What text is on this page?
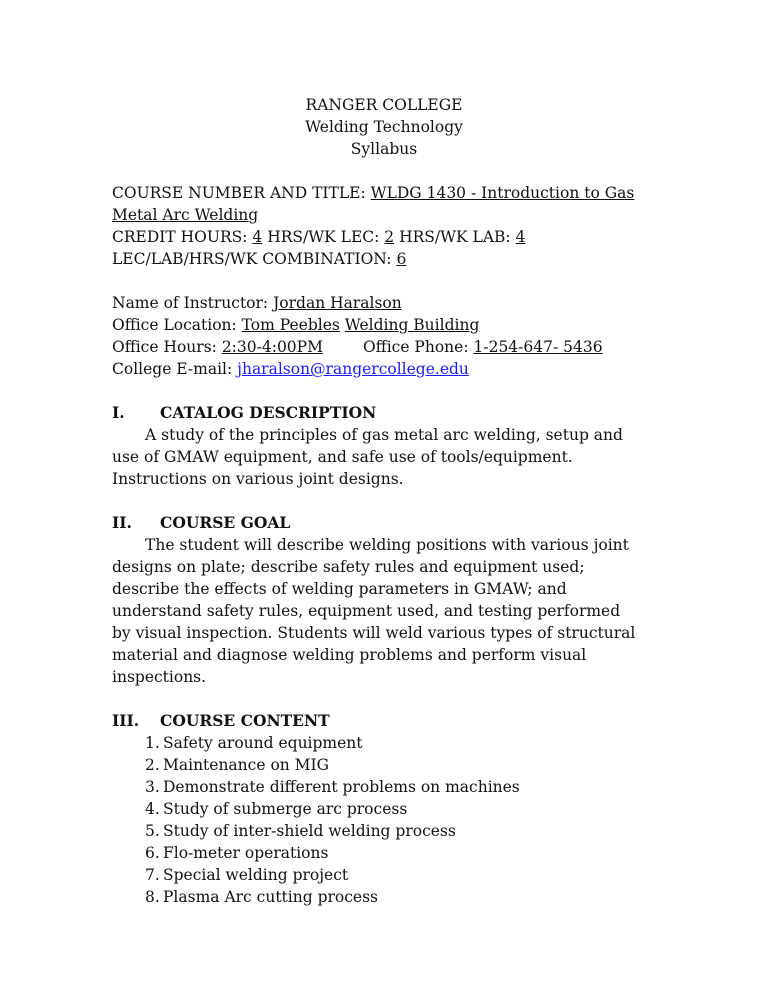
RANGER COLLEGE
Welding Technology
Syllabus
COURSE NUMBER AND TITLE: WLDG 1430 - Introduction to Gas Metal Arc Welding
CREDIT HOURS: 4 HRS/WK LEC: 2 HRS/WK LAB: 4
LEC/LAB/HRS/WK COMBINATION: 6
Name of Instructor: Jordan Haralson
Office Location: Tom Peebles Welding Building
Office Hours: 2:30-4:00PM	Office Phone: 1-254-647- 5436
College E-mail: jharalson@rangercollege.edu
I.	CATALOG DESCRIPTION
A study of the principles of gas metal arc welding, setup and use of GMAW equipment, and safe use of tools/equipment. Instructions on various joint designs.
II.	COURSE GOAL
The student will describe welding positions with various joint designs on plate; describe safety rules and equipment used; describe the effects of welding parameters in GMAW; and understand safety rules, equipment used, and testing performed by visual inspection. Students will weld various types of structural material and diagnose welding problems and perform visual inspections.
III.	COURSE CONTENT
1. Safety around equipment
2. Maintenance on MIG
3. Demonstrate different problems on machines
4. Study of submerge arc process
5. Study of inter-shield welding process
6. Flo-meter operations
7. Special welding project
8. Plasma Arc cutting process
